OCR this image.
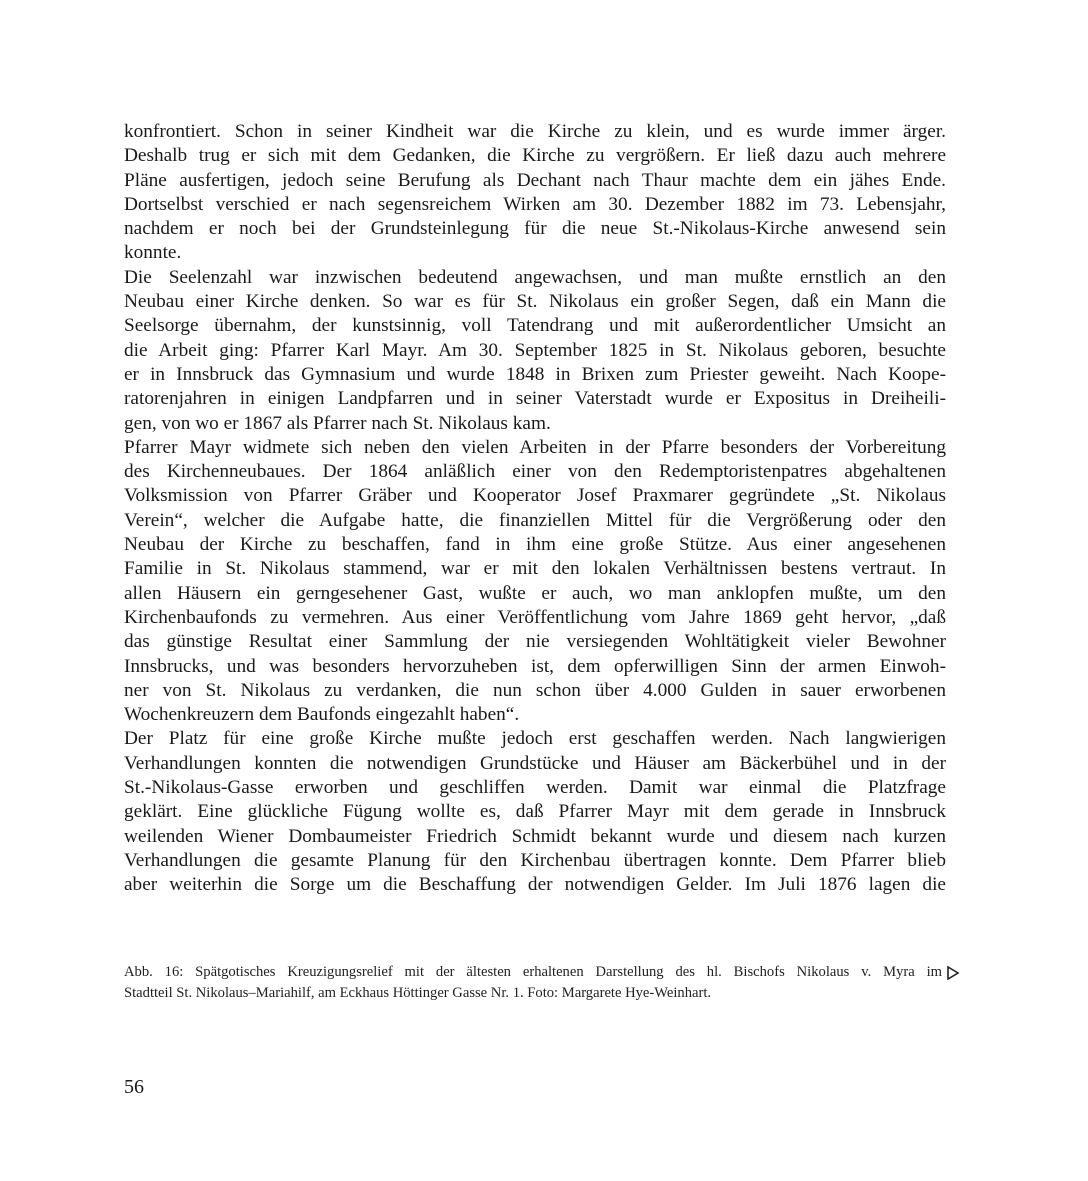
konfrontiert. Schon in seiner Kindheit war die Kirche zu klein, und es wurde immer ärger.
Deshalb trug er sich mit dem Gedanken, die Kirche zu vergrößern. Er ließ dazu auch mehrere
Pläne ausfertigen, jedoch seine Berufung als Dechant nach Thaur machte dem ein jähes Ende.
Dortselbst verschied er nach segensreichem Wirken am 30. Dezember 1882 im 73. Lebensjahr,
nachdem er noch bei der Grundsteinlegung für die neue St.-Nikolaus-Kirche anwesend sein
konnte.
Die Seelenzahl war inzwischen bedeutend angewachsen, und man mußte ernstlich an den
Neubau einer Kirche denken. So war es für St. Nikolaus ein großer Segen, daß ein Mann die
Seelsorge übernahm, der kunstsinnig, voll Tatendrang und mit außerordentlicher Umsicht an
die Arbeit ging: Pfarrer Karl Mayr. Am 30. September 1825 in St. Nikolaus geboren, besuchte
er in Innsbruck das Gymnasium und wurde 1848 in Brixen zum Priester geweiht. Nach Koope-
ratorenjahren in einigen Landpfarren und in seiner Vaterstadt wurde er Expositus in Dreiheili-
gen, von wo er 1867 als Pfarrer nach St. Nikolaus kam.
Pfarrer Mayr widmete sich neben den vielen Arbeiten in der Pfarre besonders der Vorbereitung
des Kirchenneubaues. Der 1864 anläßlich einer von den Redemptoristenpatres abgehaltenen
Volksmission von Pfarrer Gräber und Kooperator Josef Praxmarer gegründete „St. Nikolaus
Verein“, welcher die Aufgabe hatte, die finanziellen Mittel für die Vergrößerung oder den
Neubau der Kirche zu beschaffen, fand in ihm eine große Stütze. Aus einer angesehenen
Familie in St. Nikolaus stammend, war er mit den lokalen Verhältnissen bestens vertraut. In
allen Häusern ein gerngesehener Gast, wußte er auch, wo man anklopfen mußte, um den
Kirchenbaufonds zu vermehren. Aus einer Veröffentlichung vom Jahre 1869 geht hervor, „daß
das günstige Resultat einer Sammlung der nie versiegenden Wohltätigkeit vieler Bewohner
Innsbrucks, und was besonders hervorzuheben ist, dem opferwilligen Sinn der armen Einwoh-
ner von St. Nikolaus zu verdanken, die nun schon über 4.000 Gulden in sauer erworbenen
Wochenkreuzern dem Baufonds eingezahlt haben“.
Der Platz für eine große Kirche mußte jedoch erst geschaffen werden. Nach langwierigen
Verhandlungen konnten die notwendigen Grundstücke und Häuser am Bäckerbühel und in der
St.-Nikolaus-Gasse erworben und geschliffen werden. Damit war einmal die Platzfrage
geklärt. Eine glückliche Fügung wollte es, daß Pfarrer Mayr mit dem gerade in Innsbruck
weilenden Wiener Dombaumeister Friedrich Schmidt bekannt wurde und diesem nach kurzen
Verhandlungen die gesamte Planung für den Kirchenbau übertragen konnte. Dem Pfarrer blieb
aber weiterhin die Sorge um die Beschaffung der notwendigen Gelder. Im Juli 1876 lagen die
Abb. 16: Spätgotisches Kreuzigungsrelief mit der ältesten erhaltenen Darstellung des hl. Bischofs Nikolaus v. Myra im
Stadtteil St. Nikolaus–Mariahilf, am Eckhaus Höttinger Gasse Nr. 1. Foto: Margarete Hye-Weinhart.
56
